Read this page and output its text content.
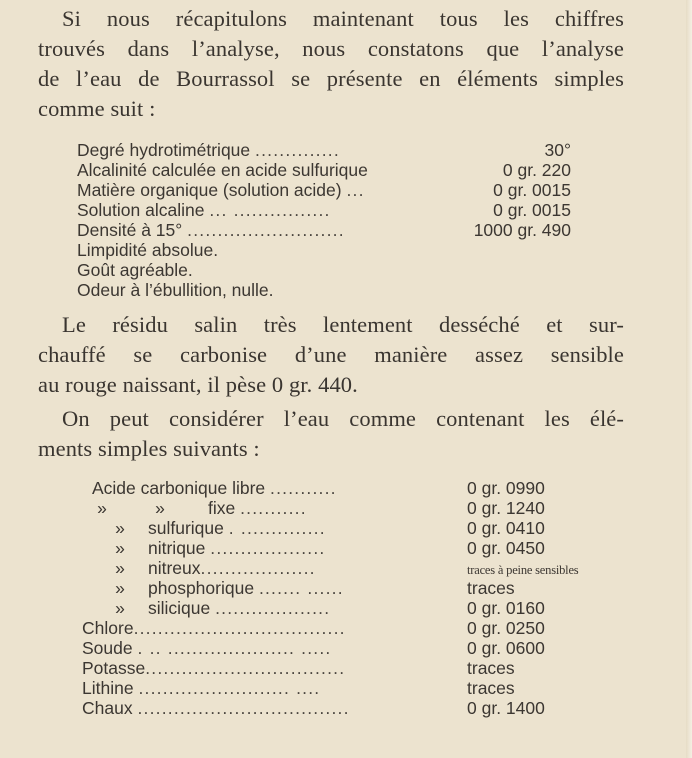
Si nous récapitulons maintenant tous les chiffres
trouvés dans l’analyse, nous constatons que l’analyse
de l’eau de Bourrassol se présente en éléments simples
comme suit :
Degré hydrotimétrique ..............	30°
Alcalinité calculée en acide sulfurique	0 gr. 220
Matière organique (solution acide) ...	0 gr. 0015
Solution alcaline ... ................	0 gr. 0015
Densité à 15° ..........................	1000 gr. 490
Limpidité absolue.
Goût agréable.
Odeur à l’ébullition, nulle.
Le résidu salin très lentement desséché et sur-
chauffé se carbonise d’une manière assez sensible
au rouge naissant, il pèse 0 gr. 440.
On peut considérer l’eau comme contenant les élé-
ments simples suivants :
Acide carbonique libre ...........	0 gr. 0990
»	» fixe ...........	0 gr. 1240
» sulfurique . ..............	0 gr. 0410
» nitrique ...................	0 gr. 0450
» nitreux...................	traces à peine sensibles
» phosphorique ....... ......	traces
» silicique ...................	0 gr. 0160
Chlore...................................	0 gr. 0250
Soude . .. ..................... .....	0 gr. 0600
Potasse.................................	traces
Lithine ......................... ....	traces
Chaux ...................................	0 gr. 1400
